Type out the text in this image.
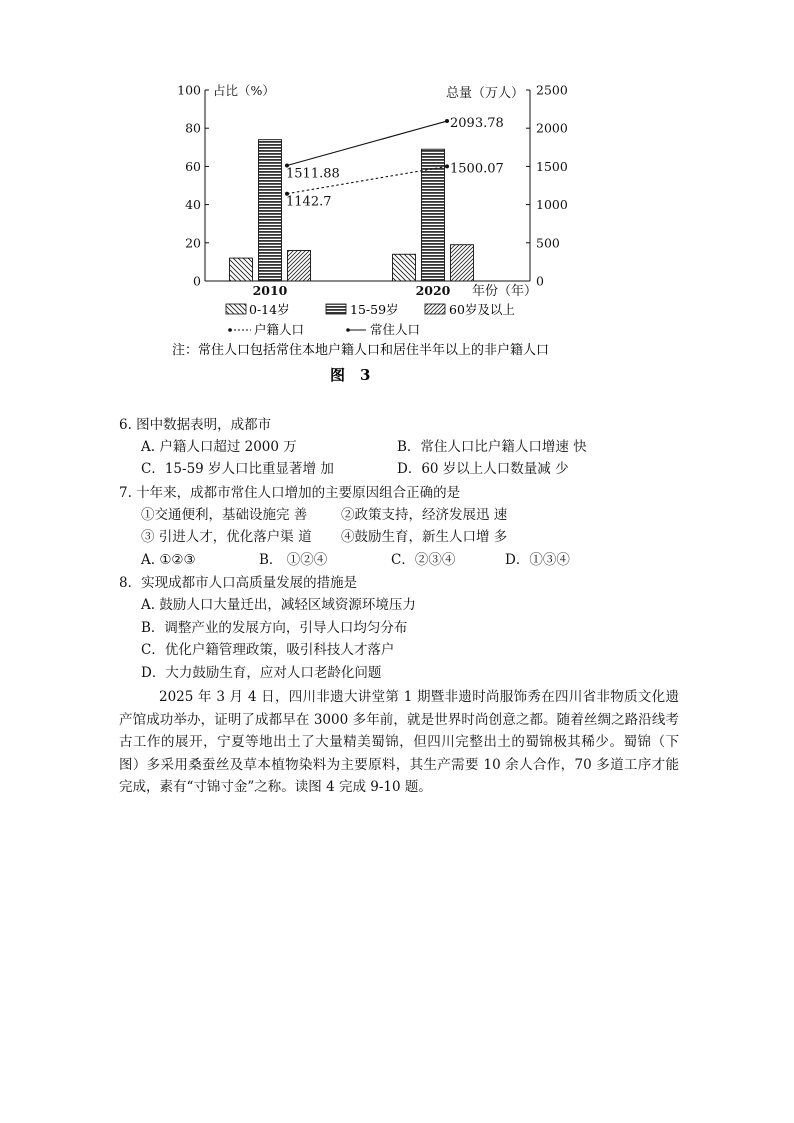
0
20
40
60
80
100
0
500
1000
1500
2000
2500
占比（%）	总量（万人）
年份（年）
1142.7
1500.07
1511.88
2093.78
2010	2020
0-14岁	15-59岁	60岁及以上
户籍人口	常住人口
注：常住人口包括常住本地户籍人口和居住半年以上的非户籍人口
图　3
6. 图中数据表明，成都市
A. 户籍人口超过 2000 万	B．常住人口比户籍人口增速 快
C．15-59 岁人口比重显著增 加	D．60 岁以上人口数量减 少
7. 十年来，成都市常住人口增加的主要原因组合正确的是
①交通便利，基础设施完 善 ②政策支持，经济发展迅 速
③ 引进人才，优化落户渠 道 ④鼓励生育，新生人口增 多
A. ①②③	B． ①②④	C．②③④	D．①③④
8．实现成都市人口高质量发展的措施是
A. 鼓励人口大量迁出，减轻区域资源环境压力
B．调整产业的发展方向，引导人口均匀分布
C．优化户籍管理政策，吸引科技人才落户
D．大力鼓励生育，应对人口老龄化问题
2025 年 3 月 4 日，四川非遗大讲堂第 1 期暨非遗时尚服饰秀在四川省非物质文化遗产馆成功举办，证明了成都早在 3000 多年前，就是世界时尚创意之都。随着丝绸之路沿线考古工作的展开，宁夏等地出土了大量精美蜀锦，但四川完整出土的蜀锦极其稀少。蜀锦（下图）多采用桑蚕丝及草本植物染料为主要原料，其生产需要 10 余人合作，70 多道工序才能完成，素有“寸锦寸金”之称。读图 4 完成 9-10 题。
